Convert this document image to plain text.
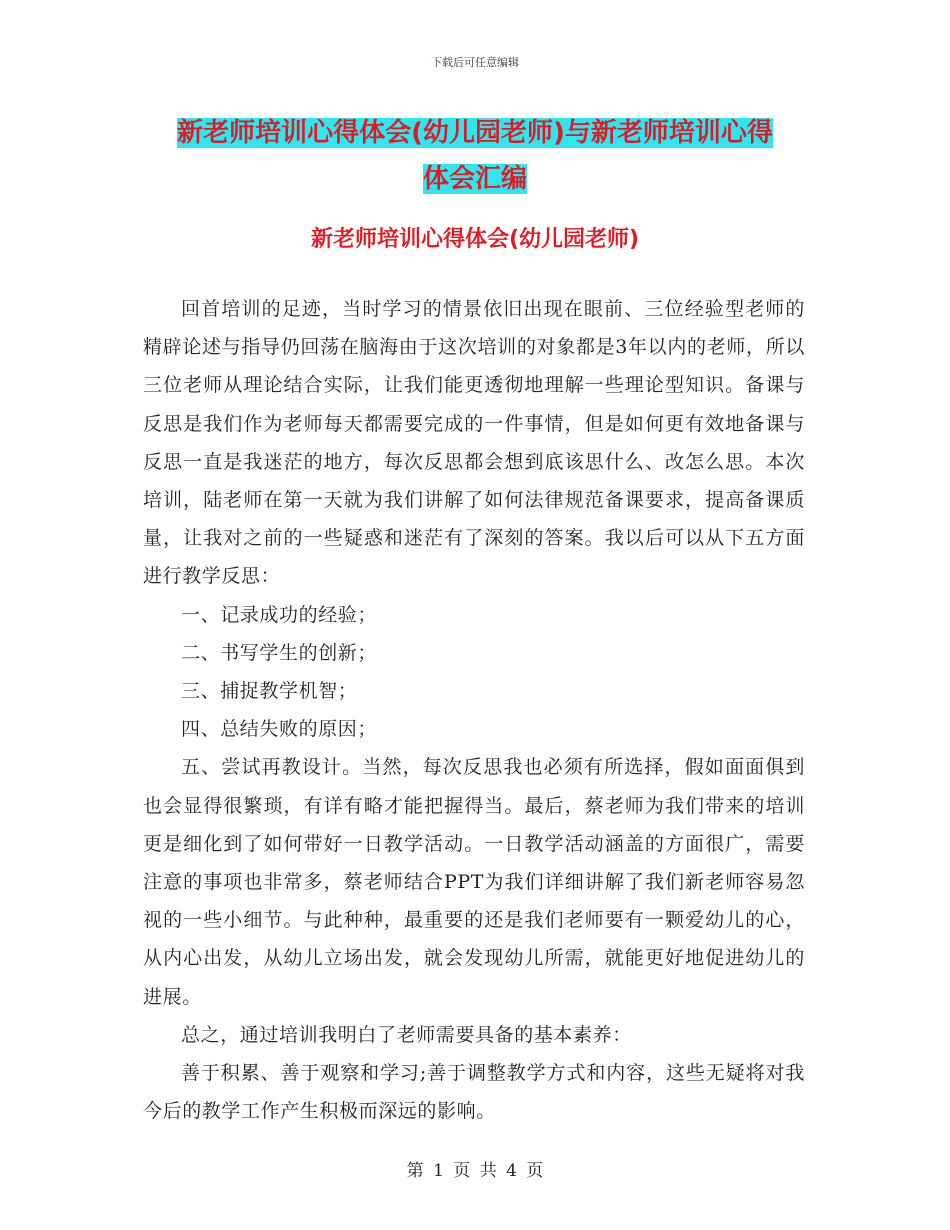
下载后可任意编辑
新老师培训心得体会(幼儿园老师)与新老师培训心得
体会汇编
新老师培训心得体会(幼儿园老师)

回首培训的足迹，当时学习的情景依旧出现在眼前、三位经验型老师的精辟论述与指导仍回荡在脑海由于这次培训的对象都是3年以内的老师，所以三位老师从理论结合实际，让我们能更透彻地理解一些理论型知识。备课与反思是我们作为老师每天都需要完成的一件事情，但是如何更有效地备课与反思一直是我迷茫的地方，每次反思都会想到底该思什么、改怎么思。本次培训，陆老师在第一天就为我们讲解了如何法律规范备课要求，提高备课质量，让我对之前的一些疑惑和迷茫有了深刻的答案。我以后可以从下五方面进行教学反思：

一、记录成功的经验；

二、书写学生的创新；

三、捕捉教学机智；

四、总结失败的原因；

五、尝试再教设计。当然，每次反思我也必须有所选择，假如面面俱到也会显得很繁琐，有详有略才能把握得当。最后，蔡老师为我们带来的培训更是细化到了如何带好一日教学活动。一日教学活动涵盖的方面很广，需要注意的事项也非常多，蔡老师结合PPT为我们详细讲解了我们新老师容易忽视的一些小细节。与此种种，最重要的还是我们老师要有一颗爱幼儿的心，从内心出发，从幼儿立场出发，就会发现幼儿所需，就能更好地促进幼儿的进展。

总之，通过培训我明白了老师需要具备的基本素养：

善于积累、善于观察和学习;善于调整教学方式和内容，这些无疑将对我今后的教学工作产生积极而深远的影响。

第 1 页 共 4 页
